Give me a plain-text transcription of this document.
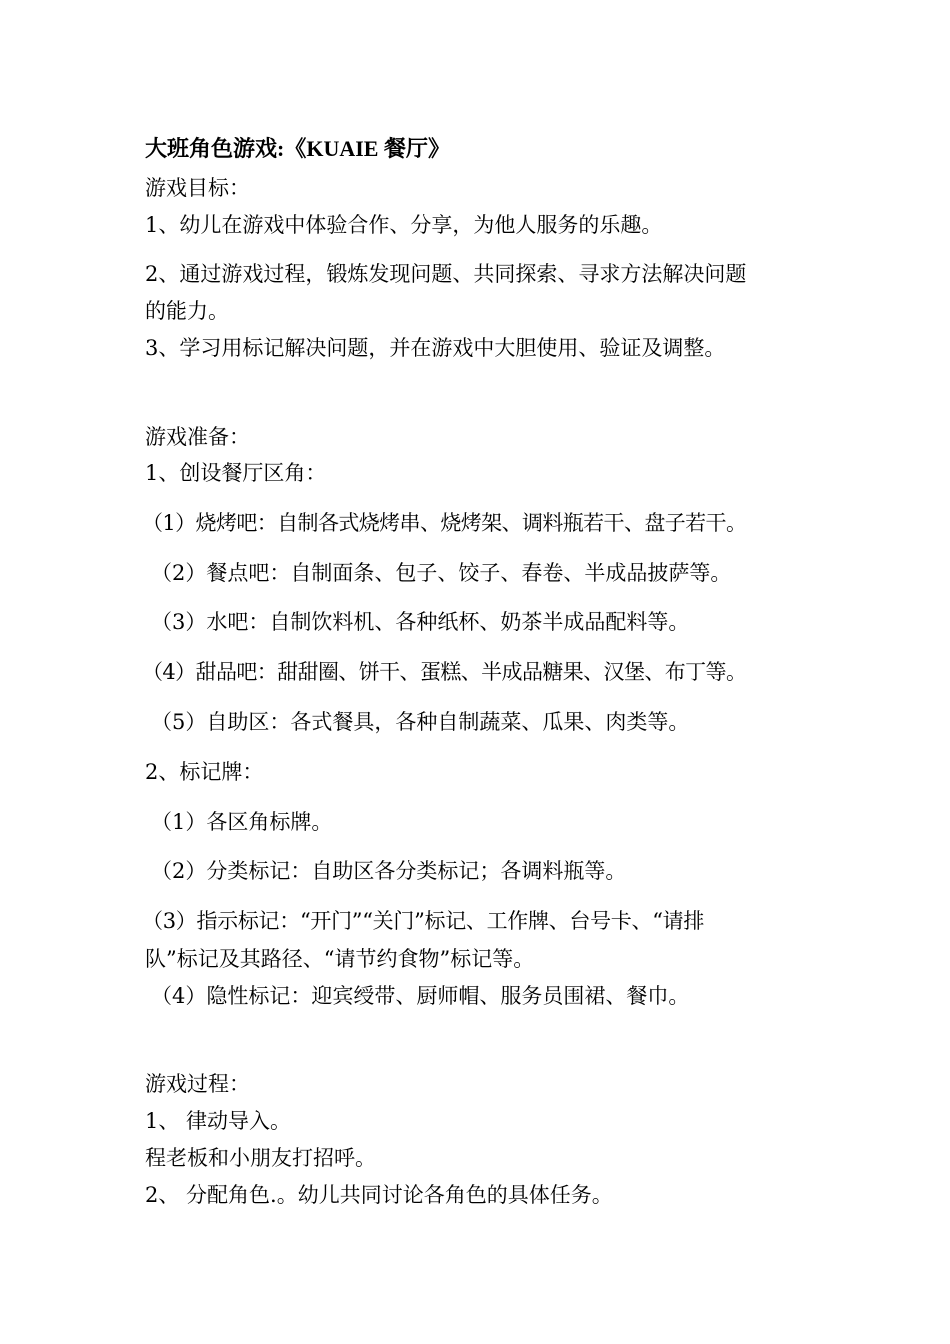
大班角色游戏:《KUAIE 餐厅》
游戏目标：
1、幼儿在游戏中体验合作、分享，为他人服务的乐趣。
2、通过游戏过程，锻炼发现问题、共同探索、寻求方法解决问题
的能力。
3、学习用标记解决问题，并在游戏中大胆使用、验证及调整。
游戏准备：
1、创设餐厅区角：
（1）烧烤吧：自制各式烧烤串、烧烤架、调料瓶若干、盘子若干。
（2）餐点吧：自制面条、包子、饺子、春卷、半成品披萨等。
（3）水吧：自制饮料机、各种纸杯、奶茶半成品配料等。
（4）甜品吧：甜甜圈、饼干、蛋糕、半成品糖果、汉堡、布丁等。
（5）自助区：各式餐具，各种自制蔬菜、瓜果、肉类等。
2、标记牌：
（1）各区角标牌。
（2）分类标记：自助区各分类标记；各调料瓶等。
（3）指示标记：“开门”“关门”标记、工作牌、台号卡、“请排
队”标记及其路径、“请节约食物”标记等。
（4）隐性标记：迎宾绶带、厨师帽、服务员围裙、餐巾。
游戏过程：
1、 律动导入。
程老板和小朋友打招呼。
2、 分配角色.。幼儿共同讨论各角色的具体任务。
